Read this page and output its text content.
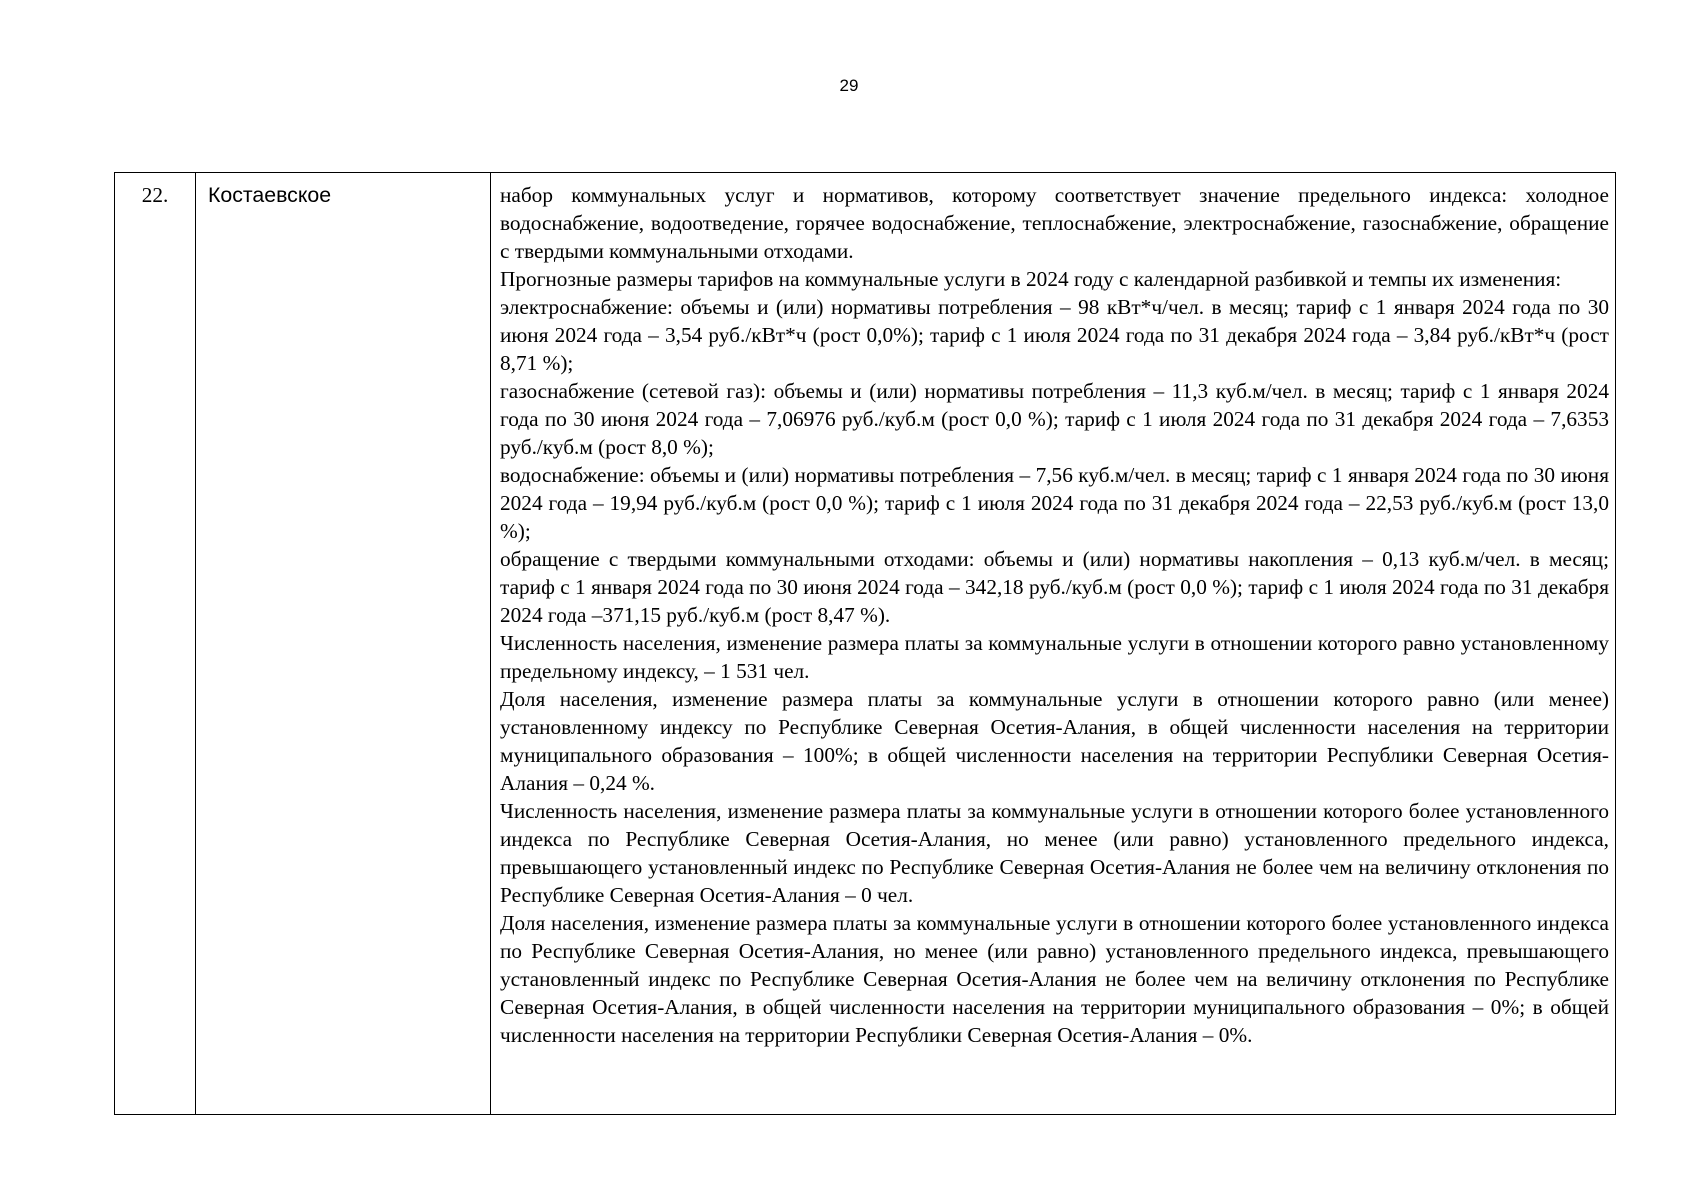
29
22.	Костаевское	набор коммунальных услуг и нормативов, которому соответствует значение предельного индекса: холодное водоснабжение, водоотведение, горячее водоснабжение, теплоснабжение, электроснабжение, газоснабжение, обращение с твердыми коммунальными отходами.

Прогнозные размеры тарифов на коммунальные услуги в 2024 году с календарной разбивкой и темпы их изменения:

электроснабжение: объемы и (или) нормативы потребления – 98 кВт*ч/чел. в месяц; тариф с 1 января 2024 года по 30 июня 2024 года – 3,54 руб./кВт*ч (рост 0,0%); тариф с 1 июля 2024 года по 31 декабря 2024 года – 3,84 руб./кВт*ч (рост 8,71 %);

газоснабжение (сетевой газ): объемы и (или) нормативы потребления – 11,3 куб.м/чел. в месяц; тариф с 1 января 2024 года по 30 июня 2024 года – 7,06976 руб./куб.м (рост 0,0 %); тариф с 1 июля 2024 года по 31 декабря 2024 года – 7,6353 руб./куб.м (рост 8,0 %);

водоснабжение: объемы и (или) нормативы потребления – 7,56 куб.м/чел. в месяц; тариф с 1 января 2024 года по 30 июня 2024 года – 19,94 руб./куб.м (рост 0,0 %); тариф с 1 июля 2024 года по 31 декабря 2024 года – 22,53 руб./куб.м (рост 13,0 %);

обращение с твердыми коммунальными отходами: объемы и (или) нормативы накопления – 0,13 куб.м/чел. в месяц; тариф с 1 января 2024 года по 30 июня 2024 года – 342,18 руб./куб.м (рост 0,0 %); тариф с 1 июля 2024 года по 31 декабря 2024 года –371,15 руб./куб.м (рост 8,47 %).

Численность населения, изменение размера платы за коммунальные услуги в отношении которого равно установленному предельному индексу, – 1 531 чел.

Доля населения, изменение размера платы за коммунальные услуги в отношении которого равно (или менее) установленному индексу по Республике Северная Осетия-Алания, в общей численности населения на территории муниципального образования – 100%; в общей численности населения на территории Республики Северная Осетия-Алания – 0,24 %.

Численность населения, изменение размера платы за коммунальные услуги в отношении которого более установленного индекса по Республике Северная Осетия-Алания, но менее (или равно) установленного предельного индекса, превышающего установленный индекс по Республике Северная Осетия-Алания не более чем на величину отклонения по Республике Северная Осетия-Алания – 0 чел.

Доля населения, изменение размера платы за коммунальные услуги в отношении которого более установленного индекса по Республике Северная Осетия-Алания, но менее (или равно) установленного предельного индекса, превышающего установленный индекс по Республике Северная Осетия-Алания не более чем на величину отклонения по Республике Северная Осетия-Алания, в общей численности населения на территории муниципального образования – 0%; в общей численности населения на территории Республики Северная Осетия-Алания – 0%.
